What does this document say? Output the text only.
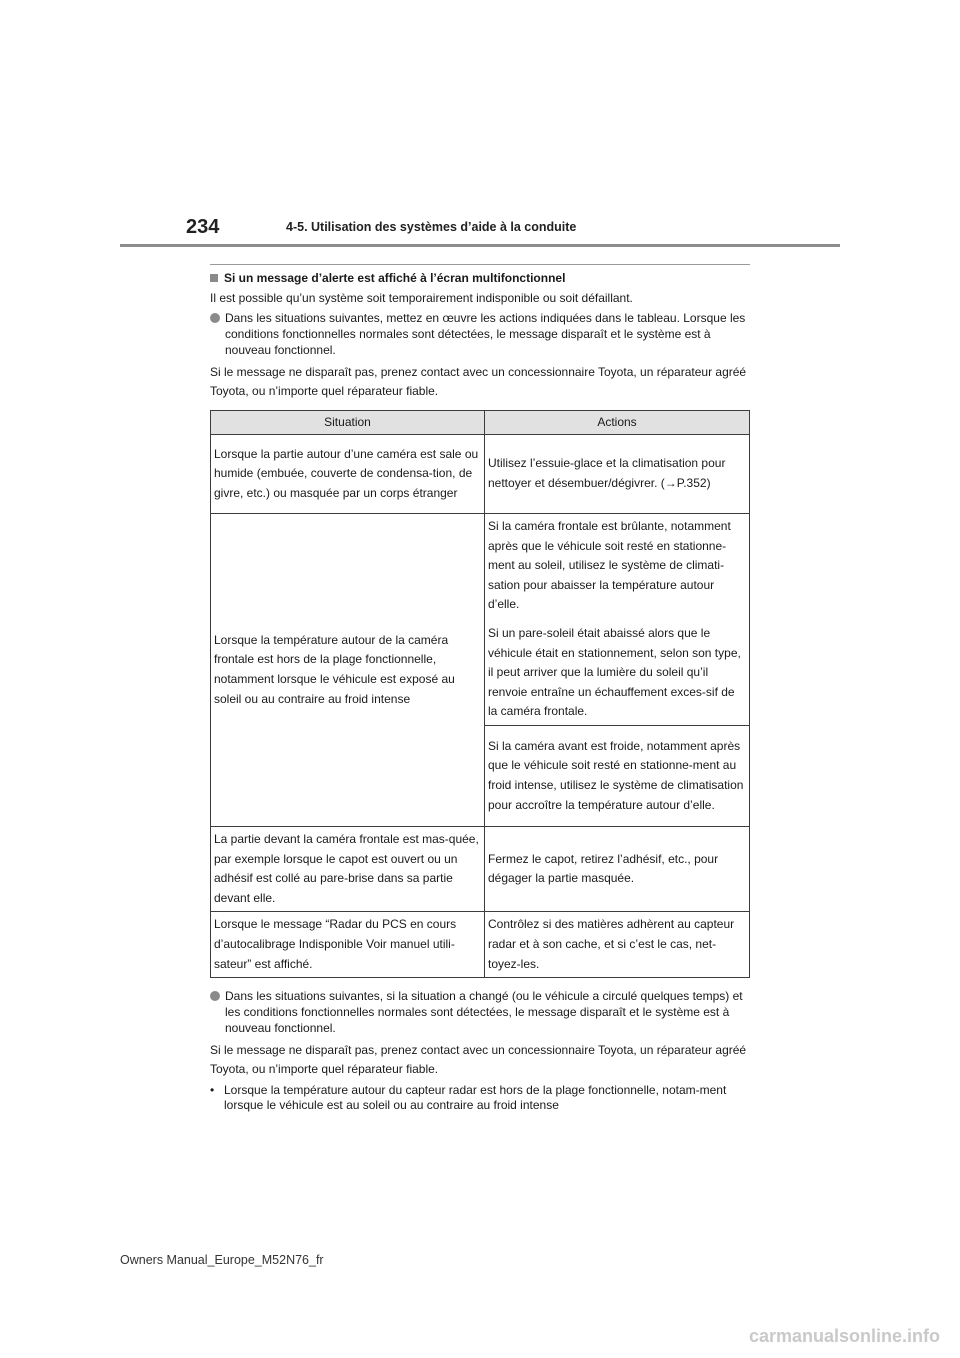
234	4-5. Utilisation des systèmes d’aide à la conduite
Si un message d’alerte est affiché à l’écran multifonctionnel

Il est possible qu’un système soit temporairement indisponible ou soit défaillant.

Dans les situations suivantes, mettez en œuvre les actions indiquées dans le tableau. Lorsque les conditions fonctionnelles normales sont détectées, le message disparaît et le système est à nouveau fonctionnel.

Si le message ne disparaît pas, prenez contact avec un concessionnaire Toyota, un réparateur agréé Toyota, ou n’importe quel réparateur fiable.

Situation	Actions

Lorsque la partie autour d’une caméra est sale ou humide (embuée, couverte de condensa-tion, de givre, etc.) ou masquée par un corps étranger	Utilisez l’essuie-glace et la climatisation pour nettoyer et désembuer/dégivrer. (→P.352)

Lorsque la température autour de la caméra frontale est hors de la plage fonctionnelle, notamment lorsque le véhicule est exposé au soleil ou au contraire au froid intense	Si la caméra frontale est brûlante, notamment après que le véhicule soit resté en stationne-ment au soleil, utilisez le système de climati-sation pour abaisser la température autour d’elle.
Si un pare-soleil était abaissé alors que le véhicule était en stationnement, selon son type, il peut arriver que la lumière du soleil qu’il renvoie entraîne un échauffement exces-sif de la caméra frontale.

	Si la caméra avant est froide, notamment après que le véhicule soit resté en stationne-ment au froid intense, utilisez le système de climatisation pour accroître la température autour d’elle.

La partie devant la caméra frontale est mas-quée, par exemple lorsque le capot est ouvert ou un adhésif est collé au pare-brise dans sa partie devant elle.	Fermez le capot, retirez l’adhésif, etc., pour dégager la partie masquée.

Lorsque le message “Radar du PCS en cours d’autocalibrage Indisponible Voir manuel utili-sateur” est affiché.	Contrôlez si des matières adhèrent au capteur radar et à son cache, et si c’est le cas, net-toyez-les.
Dans les situations suivantes, si la situation a changé (ou le véhicule a circulé quelques temps) et les conditions fonctionnelles normales sont détectées, le message disparaît et le système est à nouveau fonctionnel.

Si le message ne disparaît pas, prenez contact avec un concessionnaire Toyota, un réparateur agréé Toyota, ou n’importe quel réparateur fiable.

• Lorsque la température autour du capteur radar est hors de la plage fonctionnelle, notam-ment lorsque le véhicule est au soleil ou au contraire au froid intense
Owners Manual_Europe_M52N76_fr
carmanualsonline.info
